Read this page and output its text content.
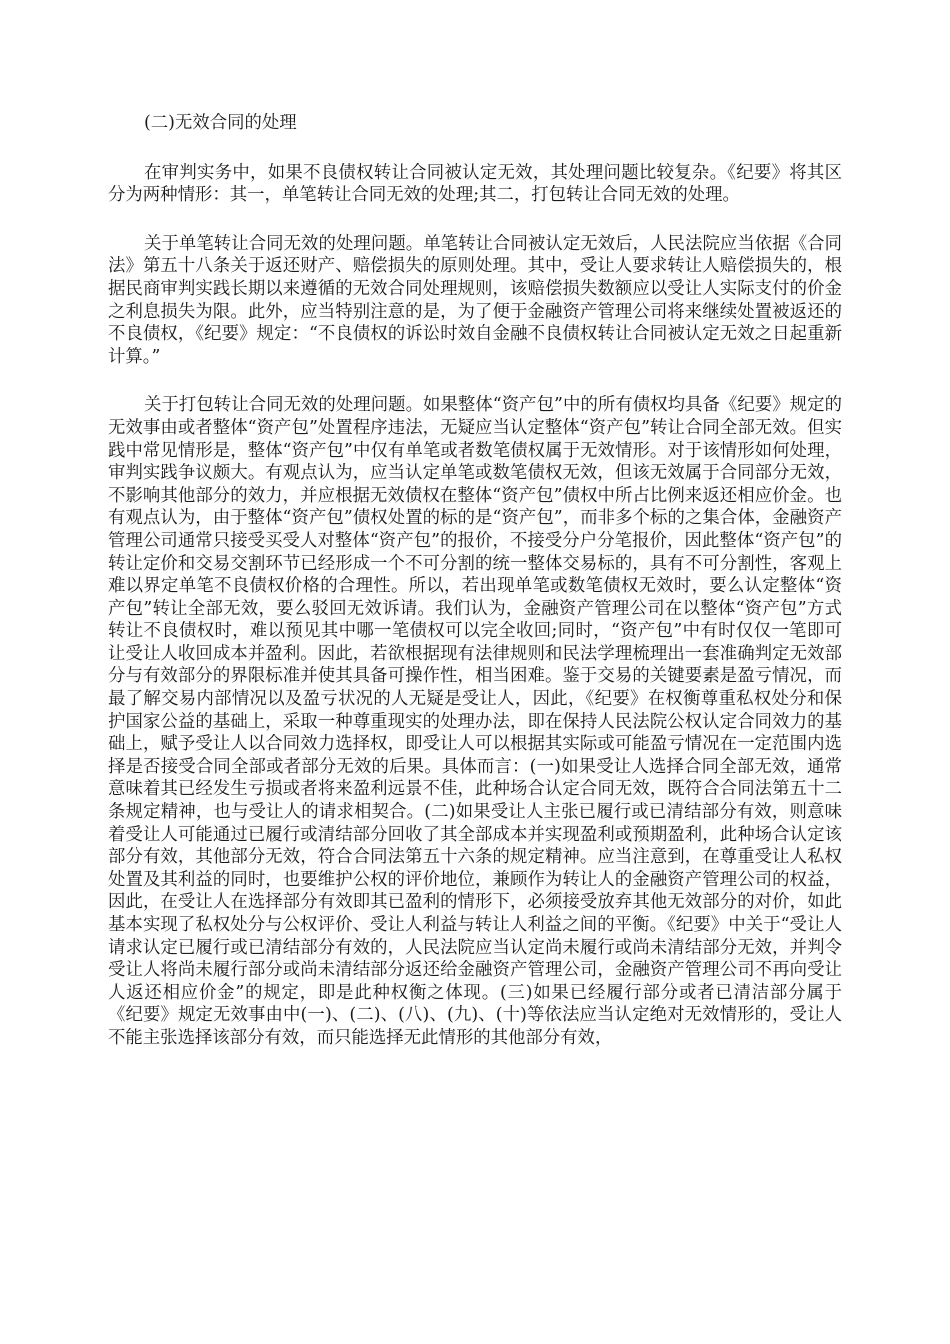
(二)无效合同的处理

在审判实务中，如果不良债权转让合同被认定无效，其处理问题比较复杂。《纪要》将其区分为两种情形：其一，单笔转让合同无效的处理;其二，打包转让合同无效的处理。

关于单笔转让合同无效的处理问题。单笔转让合同被认定无效后，人民法院应当依据《合同法》第五十八条关于返还财产、赔偿损失的原则处理。其中，受让人要求转让人赔偿损失的，根据民商审判实践长期以来遵循的无效合同处理规则，该赔偿损失数额应以受让人实际支付的价金之利息损失为限。此外，应当特别注意的是，为了便于金融资产管理公司将来继续处置被返还的不良债权，《纪要》规定：“不良债权的诉讼时效自金融不良债权转让合同被认定无效之日起重新计算。”

关于打包转让合同无效的处理问题。如果整体“资产包”中的所有债权均具备《纪要》规定的无效事由或者整体“资产包”处置程序违法，无疑应当认定整体“资产包”转让合同全部无效。但实践中常见情形是，整体“资产包”中仅有单笔或者数笔债权属于无效情形。对于该情形如何处理，审判实践争议颇大。有观点认为，应当认定单笔或数笔债权无效，但该无效属于合同部分无效，不影响其他部分的效力，并应根据无效债权在整体“资产包”债权中所占比例来返还相应价金。也有观点认为，由于整体“资产包”债权处置的标的是“资产包”，而非多个标的之集合体，金融资产管理公司通常只接受买受人对整体“资产包”的报价，不接受分户分笔报价，因此整体“资产包”的转让定价和交易交割环节已经形成一个不可分割的统一整体交易标的，具有不可分割性，客观上难以界定单笔不良债权价格的合理性。所以，若出现单笔或数笔债权无效时，要么认定整体“资产包”转让全部无效，要么驳回无效诉请。我们认为，金融资产管理公司在以整体“资产包”方式转让不良债权时，难以预见其中哪一笔债权可以完全收回;同时，“资产包”中有时仅仅一笔即可让受让人收回成本并盈利。因此，若欲根据现有法律规则和民法学理梳理出一套准确判定无效部分与有效部分的界限标准并使其具备可操作性，相当困难。鉴于交易的关键要素是盈亏情况，而最了解交易内部情况以及盈亏状况的人无疑是受让人，因此，《纪要》在权衡尊重私权处分和保护国家公益的基础上，采取一种尊重现实的处理办法，即在保持人民法院公权认定合同效力的基础上，赋予受让人以合同效力选择权，即受让人可以根据其实际或可能盈亏情况在一定范围内选择是否接受合同全部或者部分无效的后果。具体而言：(一)如果受让人选择合同全部无效，通常意味着其已经发生亏损或者将来盈利远景不佳，此种场合认定合同无效，既符合合同法第五十二条规定精神，也与受让人的请求相契合。(二)如果受让人主张已履行或已清结部分有效，则意味着受让人可能通过已履行或清结部分回收了其全部成本并实现盈利或预期盈利，此种场合认定该部分有效，其他部分无效，符合合同法第五十六条的规定精神。应当注意到，在尊重受让人私权处置及其利益的同时，也要维护公权的评价地位，兼顾作为转让人的金融资产管理公司的权益，因此，在受让人在选择部分有效即其已盈利的情形下，必须接受放弃其他无效部分的对价，如此基本实现了私权处分与公权评价、受让人利益与转让人利益之间的平衡。《纪要》中关于“受让人请求认定已履行或已清结部分有效的，人民法院应当认定尚未履行或尚未清结部分无效，并判令受让人将尚未履行部分或尚未清结部分返还给金融资产管理公司，金融资产管理公司不再向受让人返还相应价金”的规定，即是此种权衡之体现。(三)如果已经履行部分或者已清洁部分属于《纪要》规定无效事由中(一)、(二)、(八)、(九)、(十)等依法应当认定绝对无效情形的，受让人不能主张选择该部分有效，而只能选择无此情形的其他部分有效，
